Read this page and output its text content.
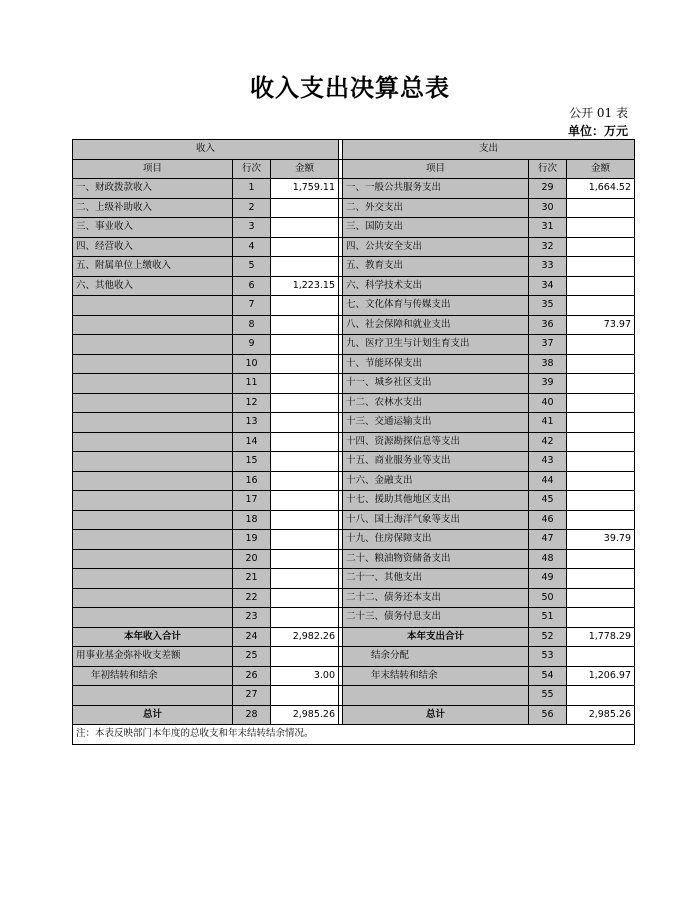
收入支出决算总表
公开 01 表
单位：万元
收入				支出		
项目	行次	金额		项目	行次	金额
一、财政拨款收入	1	1,759.11		一、一般公共服务支出	29	1,664.52
二、上级补助收入	2			二、外交支出	30	
三、事业收入	3			三、国防支出	31	
四、经营收入	4			四、公共安全支出	32	
五、附属单位上缴收入	5			五、教育支出	33	
六、其他收入	6	1,223.15		六、科学技术支出	34	
	7			七、文化体育与传媒支出	35	
	8			八、社会保障和就业支出	36	73.97
	9			九、医疗卫生与计划生育支出	37	
	10			十、节能环保支出	38	
	11			十一、城乡社区支出	39	
	12			十二、农林水支出	40	
	13			十三、交通运输支出	41	
	14			十四、资源勘探信息等支出	42	
	15			十五、商业服务业等支出	43	
	16			十六、金融支出	44	
	17			十七、援助其他地区支出	45	
	18			十八、国土海洋气象等支出	46	
	19			十九、住房保障支出	47	39.79
	20			二十、粮油物资储备支出	48	
	21			二十一、其他支出	49	
	22			二十二、债务还本支出	50	
	23			二十三、债务付息支出	51	
本年收入合计	24	2,982.26		本年支出合计	52	1,778.29
用事业基金弥补收支差额	25			结余分配	53	
年初结转和结余	26	3.00		年末结转和结余	54	1,206.97
	27				55	
总计	28	2,985.26		总计	56	2,985.26
注：本表反映部门本年度的总收支和年末结转结余情况。						
